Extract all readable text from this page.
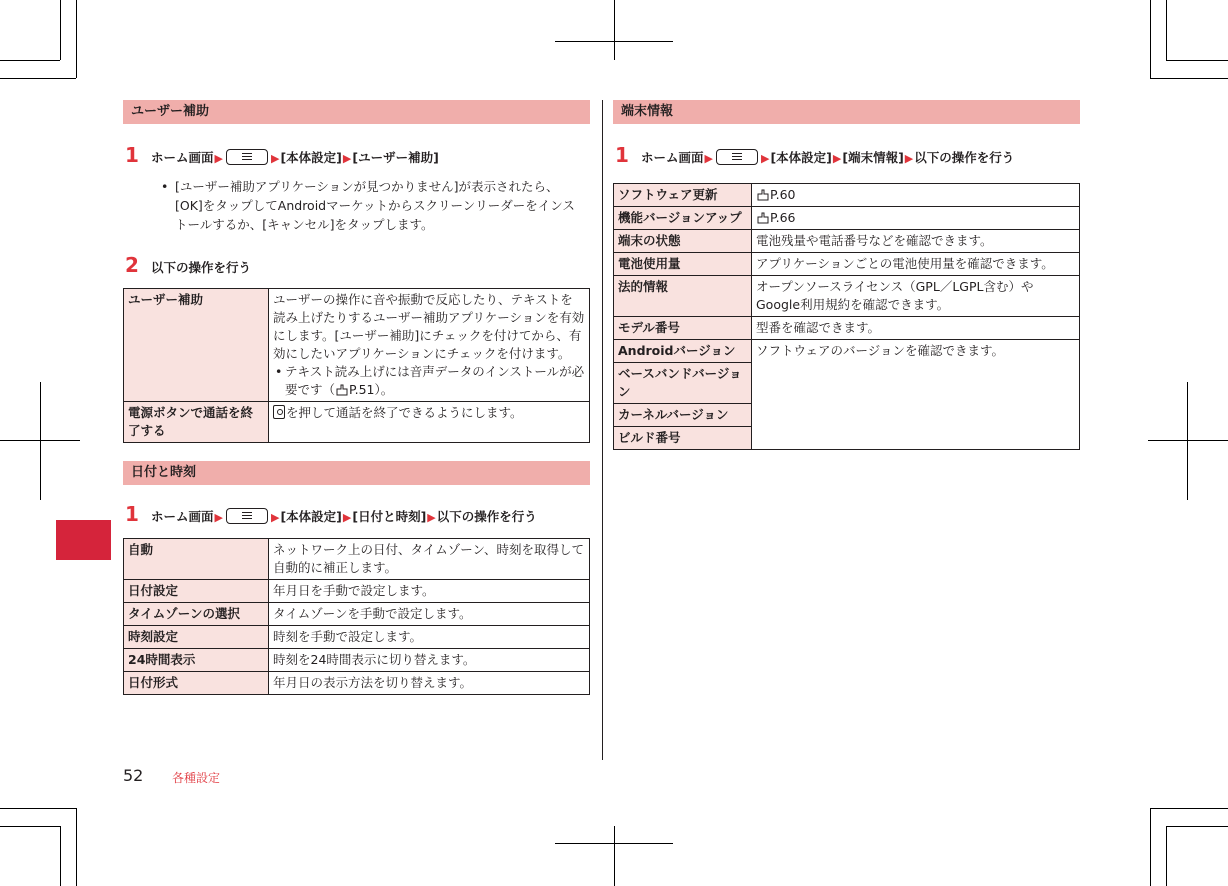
ユーザー補助
1 ホーム画面▶	▶[本体設定]▶[ユーザー補助]
• [ユーザー補助アプリケーションが見つかりません]が表示されたら、[OK]をタップしてAndroidマーケットからスクリーンリーダーをインストールするか、[キャンセル]をタップします。
2 以下の操作を行う
ユーザー補助	ユーザーの操作に音や振動で反応したり、テキストを読み上げたりするユーザー補助アプリケーションを有効にします。[ユーザー補助]にチェックを付けてから、有効にしたいアプリケーションにチェックを付けます。
• テキスト読み上げには音声データのインストールが必要です（ P.51）。

電源ボタンで通話を終了する	を押して通話を終了できるようにします。
日付と時刻
1 ホーム画面▶	▶[本体設定]▶[日付と時刻]▶以下の操作を行う
自動	ネットワーク上の日付、タイムゾーン、時刻を取得して自動的に補正します。
日付設定	年月日を手動で設定します。
タイムゾーンの選択	タイムゾーンを手動で設定します。
時刻設定	時刻を手動で設定します。
24時間表示	時刻を24時間表示に切り替えます。
日付形式	年月日の表示方法を切り替えます。
端末情報
1 ホーム画面▶	▶[本体設定]▶[端末情報]▶以下の操作を行う
ソフトウェア更新	P.60
機能バージョンアップ	P.66
端末の状態	電池残量や電話番号などを確認できます。
電池使用量	アプリケーションごとの電池使用量を確認できます。
法的情報	オープンソースライセンス（GPL／LGPL含む）やGoogle利用規約を確認できます。
モデル番号	型番を確認できます。
Androidバージョン	ソフトウェアのバージョンを確認できます。
ベースバンドバージョン	
カーネルバージョン	
ビルド番号	
52 各種設定
